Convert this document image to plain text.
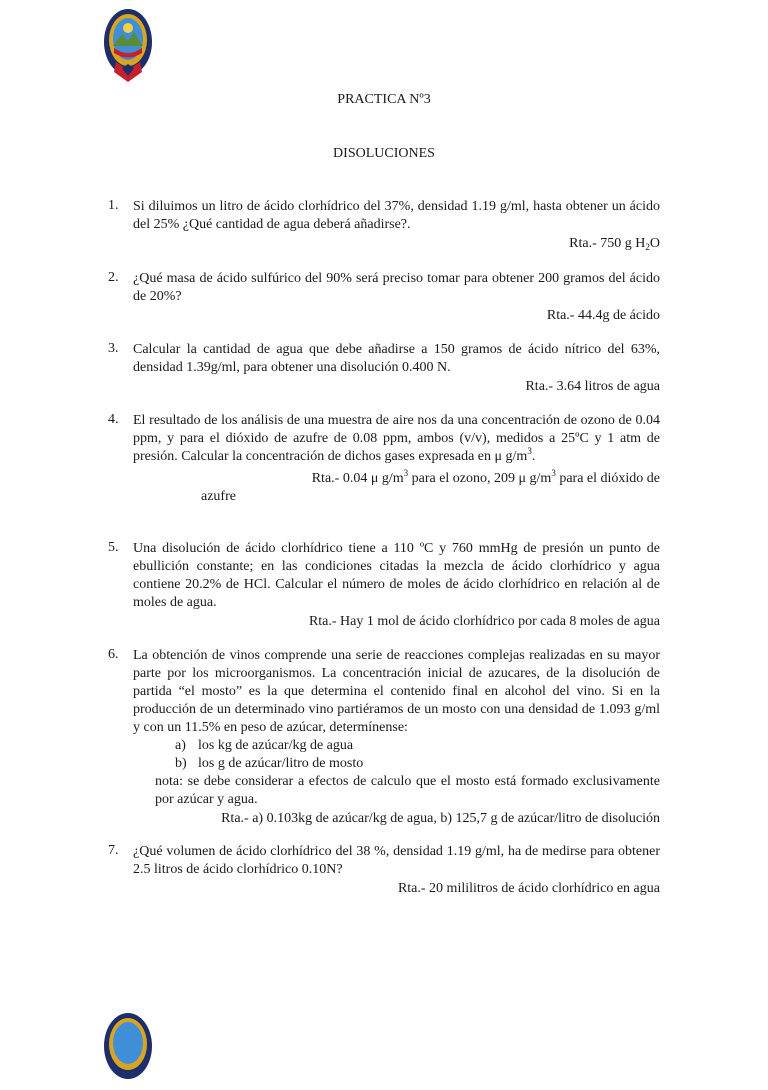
PRACTICA Nº3
DISOLUCIONES
1.	Si diluimos un litro de ácido clorhídrico del 37%, densidad 1.19 g/ml, hasta obtener un ácido del 25% ¿Qué cantidad de agua deberá añadirse?.
Rta.- 750 g $H_2O$
2.	¿Qué masa de ácido sulfúrico del 90% será preciso tomar para obtener 200 gramos del ácido de 20%?
Rta.- 44.4g de ácido
3.	Calcular la cantidad de agua que debe añadirse a 150 gramos de ácido nítrico del 63%, densidad 1.39g/ml, para obtener una disolución 0.400 N.
Rta.- 3.64 litros de agua
4.	El resultado de los análisis de una muestra de aire nos da una concentración de ozono de 0.04 ppm, y para el dióxido de azufre de 0.08 ppm, ambos (v/v), medidos a 25ºC y 1 atm de presión. Calcular la concentración de dichos gases expresada en μ $g/m^3$.
Rta.- 0.04 μ $g/m^3$ para el ozono, 209 μ $g/m^3$ para el dióxido de
azufre
5.	Una disolución de ácido clorhídrico tiene a 110 ºC y 760 mmHg de presión un punto de ebullición constante; en las condiciones citadas la mezcla de ácido clorhídrico y agua contiene 20.2% de HCl. Calcular el número de moles de ácido clorhídrico en relación al de moles de agua.
Rta.- Hay 1 mol de ácido clorhídrico por cada 8 moles de agua
6.	La obtención de vinos comprende una serie de reacciones complejas realizadas en su mayor parte por los microorganismos. La concentración inicial de azucares, de la disolución de partida “el mosto” es la que determina el contenido final en alcohol del vino. Si en la producción de un determinado vino partiéramos de un mosto con una densidad de 1.093 g/ml y con un 11.5% en peso de azúcar, determínense:
a) los kg de azúcar/kg de agua
b) los g de azúcar/litro de mosto
nota: se debe considerar a efectos de calculo que el mosto está formado exclusivamente por azúcar y agua.
Rta.- a) 0.103kg de azúcar/kg de agua, b) 125,7 g de azúcar/litro de disolución
7.	¿Qué volumen de ácido clorhídrico del 38 %, densidad 1.19 g/ml, ha de medirse para obtener 2.5 litros de ácido clorhídrico 0.10N?
Rta.- 20 mililitros de ácido clorhídrico en agua
